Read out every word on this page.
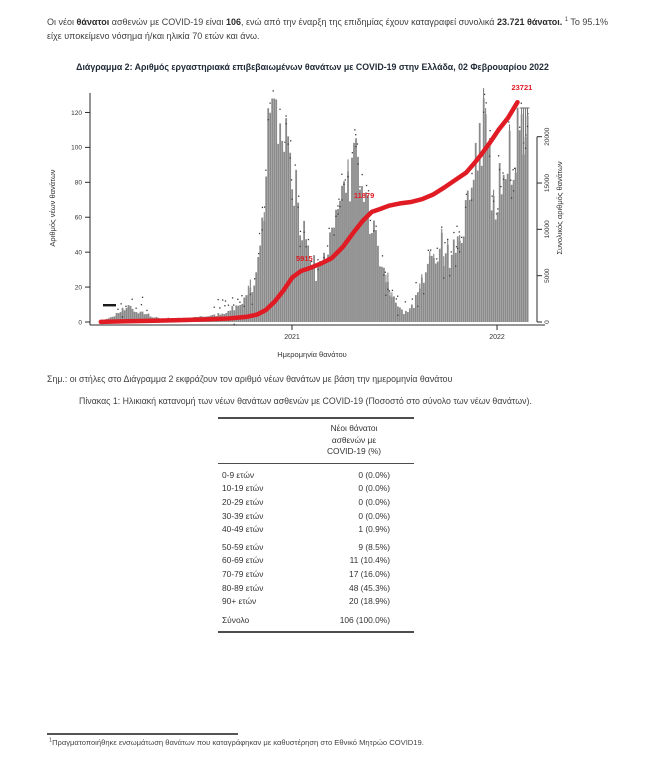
Οι νέοι θάνατοι ασθενών με COVID-19 είναι 106, ενώ από την έναρξη της επιδημίας έχουν καταγραφεί συνολικά 23.721 θάνατοι. $^1$ Το 95.1% είχε υποκείμενο νόσημα ή/και ηλικία 70 ετών και άνω.
Διάγραμμα 2: Αριθμός εργαστηριακά επιβεβαιωμένων θανάτων με COVID-19 στην Ελλάδα, 02 Φεβρουαρίου 2022
0
20
40
60
80
100
120
0
5000
10000
15000
20000
2021	2022
Ημερομηνία θανάτου
Αριθμός νέων θανάτων	Συνολικός αριθμός θανάτων
5915
11879
23721
Σημ.: οι στήλες στο Διάγραμμα 2 εκφράζουν τον αριθμό νέων θανάτων με βάση την ημερομηνία θανάτου
Πίνακας 1: Ηλικιακή κατανομή των νέων θανάτων ασθενών με COVID-19 (Ποσοστό στο σύνολο των νέων θανάτων).
Νέοι θάνατοι
ασθενών με
COVID-19 (%)
0-9 ετών	0 (0.0%)
10-19 ετών	0 (0.0%)
20-29 ετών	0 (0.0%)
30-39 ετών	0 (0.0%)
40-49 ετών	1 (0.9%)
50-59 ετών	9 (8.5%)
60-69 ετών	11 (10.4%)
70-79 ετών	17 (16.0%)
80-89 ετών	48 (45.3%)
90+ ετών	20 (18.9%)
Σύνολο	106 (100.0%)
$^1$Πραγματοποιήθηκε ενσωμάτωση θανάτων που καταγράφηκαν με καθυστέρηση στο Εθνικό Μητρώο COVID19.
